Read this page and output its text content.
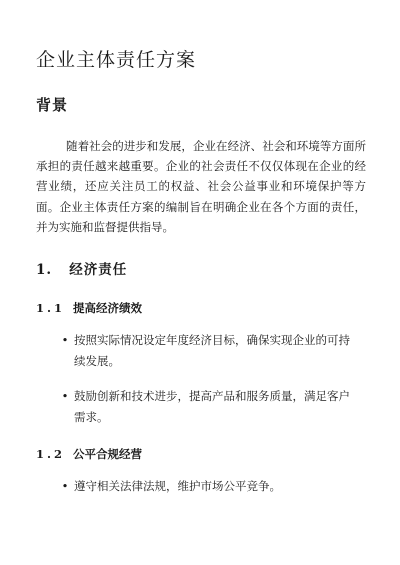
企业主体责任方案
背景
随着社会的进步和发展，企业在经济、社会和环境等方面所承担的责任越来越重要。企业的社会责任不仅仅体现在企业的经营业绩，还应关注员工的权益、社会公益事业和环境保护等方面。企业主体责任方案的编制旨在明确企业在各个方面的责任，并为实施和监督提供指导。
1. 经济责任
1.1 提高经济绩效
• 按照实际情况设定年度经济目标，确保实现企业的可持续发展。
• 鼓励创新和技术进步，提高产品和服务质量，满足客户需求。
1.2 公平合规经营
• 遵守相关法律法规，维护市场公平竞争。
